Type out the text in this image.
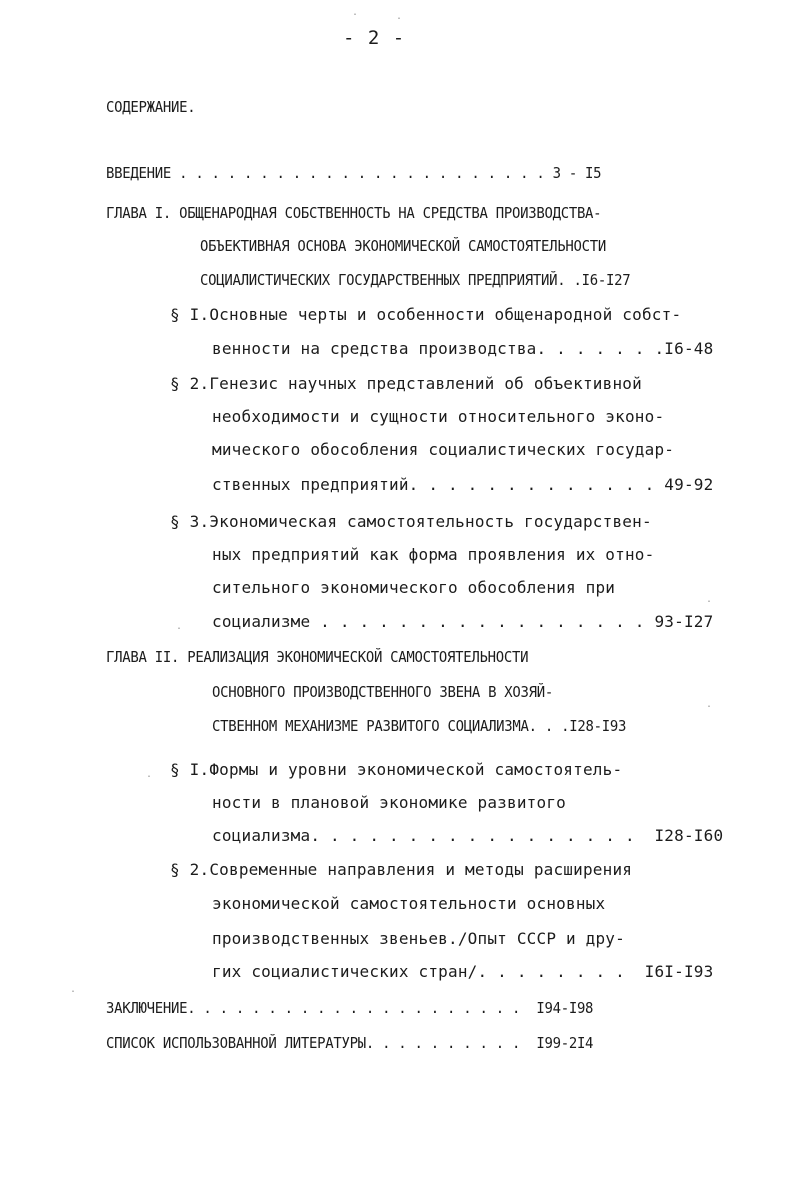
- 2 -
СОДЕРЖАНИЕ.
ВВЕДЕНИЕ . . . . . . . . . . . . . . . . . . . . . . . 3 - I5
ГЛАВА I. ОБЩЕНАРОДНАЯ СОБСТВЕННОСТЬ НА СРЕДСТВА ПРОИЗВОДСТВА-
ОБЪЕКТИВНАЯ ОСНОВА ЭКОНОМИЧЕСКОЙ САМОСТОЯТЕЛЬНОСТИ
СОЦИАЛИСТИЧЕСКИХ ГОСУДАРСТВЕННЫХ ПРЕДПРИЯТИЙ. .I6-I27
§ I.Основные черты и особенности общенародной собст-
венности на средства производства. . . . . . .I6-48
§ 2.Генезис научных представлений об объективной
необходимости и сущности относительного эконо-
мического обособления социалистических государ-
ственных предприятий. . . . . . . . . . . . . 49-92
§ 3.Экономическая самостоятельность государствен-
ных предприятий как форма проявления их отно-
сительного экономического обособления при
социализме . . . . . . . . . . . . . . . . . 93-I27
ГЛАВА II. РЕАЛИЗАЦИЯ ЭКОНОМИЧЕСКОЙ САМОСТОЯТЕЛЬНОСТИ
ОСНОВНОГО ПРОИЗВОДСТВЕННОГО ЗВЕНА В ХОЗЯЙ-
СТВЕННОМ МЕХАНИЗМЕ РАЗВИТОГО СОЦИАЛИЗМА. . .I28-I93
§ I.Формы и уровни экономической самостоятель-
ности в плановой экономике развитого
социализма. . . . . . . . . . . . . . . . .  I28-I60
§ 2.Современные направления и методы расширения
экономической самостоятельности основных
производственных звеньев./Опыт СССР и дру-
гих социалистических стран/. . . . . . . .  I6I-I93
ЗАКЛЮЧЕНИЕ. . . . . . . . . . . . . . . . . . . . .  I94-I98
СПИСОК ИСПОЛЬЗОВАННОЙ ЛИТЕРАТУРЫ. . . . . . . . . .  I99-2I4
.	.
.
.
.
.
.
